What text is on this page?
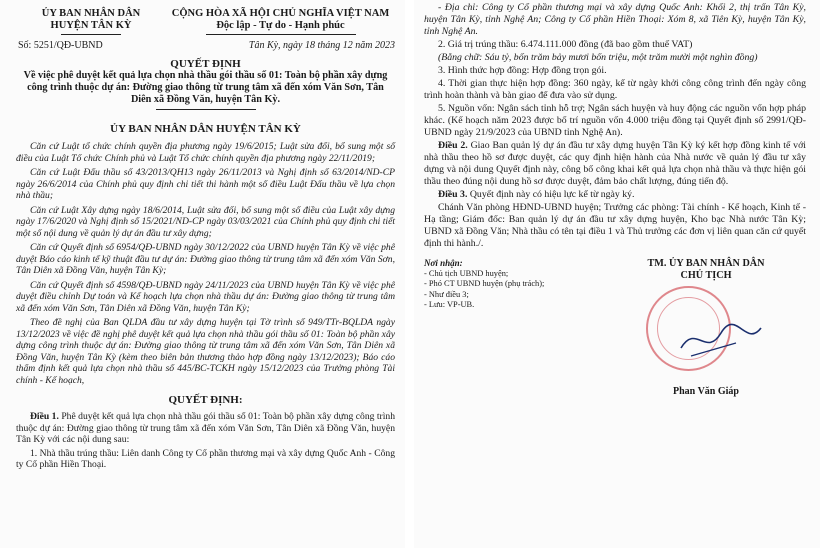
ỦY BAN NHÂN DÂN
HUYỆN TÂN KỲ
CỘNG HÒA XÃ HỘI CHỦ NGHĨA VIỆT NAM
Độc lập - Tự do - Hạnh phúc
Số: 5251/QĐ-UBND	Tân Kỳ, ngày 18 tháng 12 năm 2023
QUYẾT ĐỊNH
Về việc phê duyệt kết quả lựa chọn nhà thầu gói thầu số 01: Toàn bộ phần xây dựng công trình thuộc dự án: Đường giao thông từ trung tâm xã đến xóm Văn Sơn, Tân Diên xã Đồng Văn, huyện Tân Kỳ.
ỦY BAN NHÂN DÂN HUYỆN TÂN KỲ

Căn cứ Luật tổ chức chính quyền địa phương ngày 19/6/2015; Luật sửa đổi, bổ sung một số điều của Luật Tổ chức Chính phủ và Luật Tổ chức chính quyền địa phương ngày 22/11/2019;

Căn cứ Luật Đấu thầu số 43/2013/QH13 ngày 26/11/2013 và Nghị định số 63/2014/ND-CP ngày 26/6/2014 của Chính phủ quy định chi tiết thi hành một số điều Luật Đấu thầu về lựa chọn nhà thầu;

Căn cứ Luật Xây dựng ngày 18/6/2014, Luật sửa đổi, bổ sung một số điều của Luật xây dựng ngày 17/6/2020 và Nghị định số 15/2021/ND-CP ngày 03/03/2021 của Chính phủ quy định chi tiết một số nội dung về quản lý dự án đầu tư xây dựng;

Căn cứ Quyết định số 6954/QĐ-UBND ngày 30/12/2022 của UBND huyện Tân Kỳ về việc phê duyệt Báo cáo kinh tế kỹ thuật đầu tư dự án: Đường giao thông từ trung tâm xã đến xóm Văn Sơn, Tân Diên xã Đồng Văn, huyện Tân Kỳ;

Căn cứ Quyết định số 4598/QĐ-UBND ngày 24/11/2023 của UBND huyện Tân Kỳ về việc phê duyệt điều chỉnh Dự toán và Kế hoạch lựa chọn nhà thầu dự án: Đường giao thông từ trung tâm xã đến xóm Văn Sơn, Tân Diên xã Đồng Văn, huyện Tân Kỳ;

Theo đề nghị của Ban QLDA đầu tư xây dựng huyện tại Tờ trình số 949/TTr-BQLDA ngày 13/12/2023 về việc đề nghị phê duyệt kết quả lựa chọn nhà thầu gói thầu số 01: Toàn bộ phần xây dựng công trình thuộc dự án: Đường giao thông từ trung tâm xã đến xóm Văn Sơn, Tân Diên xã Đồng Văn, huyện Tân Kỳ (kèm theo biên bản thương thảo hợp đồng ngày 13/12/2023); Báo cáo thẩm định kết quả lựa chọn nhà thầu số 445/BC-TCKH ngày 15/12/2023 của Trưởng phòng Tài chính - Kế hoạch,

QUYẾT ĐỊNH:

Điều 1. Phê duyệt kết quả lựa chọn nhà thầu gói thầu số 01: Toàn bộ phần xây dựng công trình thuộc dự án: Đường giao thông từ trung tâm xã đến xóm Văn Sơn, Tân Diên xã Đồng Văn, huyện Tân Kỳ với các nội dung sau:

1. Nhà thầu trúng thầu: Liên danh Công ty Cổ phần thương mại và xây dựng Quốc Anh - Công ty Cổ phần Hiền Thoại.

- Địa chỉ: Công ty Cổ phần thương mại và xây dựng Quốc Anh: Khối 2, thị trấn Tân Kỳ, huyện Tân Kỳ, tỉnh Nghệ An; Công ty Cổ phần Hiền Thoại: Xóm 8, xã Tiên Kỳ, huyện Tân Kỳ, tỉnh Nghệ An.

2. Giá trị trúng thầu: 6.474.111.000 đồng (đã bao gồm thuế VAT)

(Bằng chữ: Sáu tỷ, bốn trăm bảy mươi bốn triệu, một trăm mười một nghìn đồng)

3. Hình thức hợp đồng: Hợp đồng trọn gói.

4. Thời gian thực hiện hợp đồng: 360 ngày, kể từ ngày khởi công công trình đến ngày công trình hoàn thành và bàn giao để đưa vào sử dụng.

5. Nguồn vốn: Ngân sách tỉnh hỗ trợ; Ngân sách huyện và huy động các nguồn vốn hợp pháp khác. (Kế hoạch năm 2023 được bố trí nguồn vốn 4.000 triệu đồng tại Quyết định số 2991/QĐ-UBND ngày 21/9/2023 của UBND tỉnh Nghệ An).

Điều 2. Giao Ban quản lý dự án đầu tư xây dựng huyện Tân Kỳ ký kết hợp đồng kinh tế với nhà thầu theo hồ sơ được duyệt, các quy định hiện hành của Nhà nước về quản lý đầu tư xây dựng và nội dung Quyết định này, công bố công khai kết quả lựa chọn nhà thầu và thực hiện gói thầu theo đúng nội dung hồ sơ được duyệt, đảm bảo chất lượng, đúng tiến độ.

Điều 3. Quyết định này có hiệu lực kể từ ngày ký.

Chánh Văn phòng HĐND-UBND huyện; Trưởng các phòng: Tài chính - Kế hoạch, Kinh tế - Hạ tầng; Giám đốc: Ban quản lý dự án đầu tư xây dựng huyện, Kho bạc Nhà nước Tân Kỳ; UBND xã Đồng Văn; Nhà thầu có tên tại điều 1 và Thủ trưởng các đơn vị liên quan căn cứ quyết định thi hành./.

Nơi nhận:
- Chủ tịch UBND huyện;
- Phó CT UBND huyện (phụ trách);
- Như điều 3;
- Lưu: VP-UB.
TM. ỦY BAN NHÂN DÂN
CHỦ TỊCH
Phan Văn Giáp
